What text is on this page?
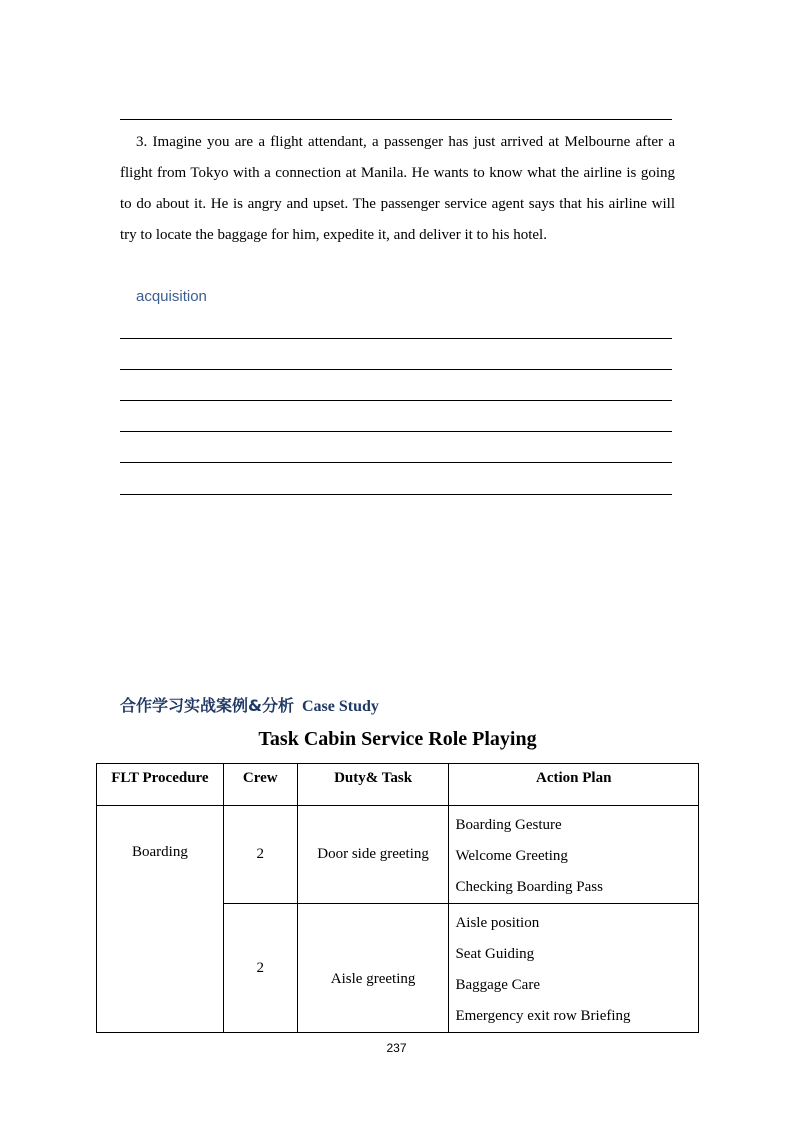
3. Imagine you are a flight attendant, a passenger has just arrived at Melbourne after a flight from Tokyo with a connection at Manila. He wants to know what the airline is going to do about it. He is angry and upset. The passenger service agent says that his airline will try to locate the baggage for him, expedite it, and deliver it to his hotel.
acquisition
合作学习实战案例&分析 Case Study
Task Cabin Service Role Playing
FLT Procedure	Crew	Duty& Task	Action Plan
Boarding	2	Door side greeting	Boarding Gesture
Welcome Greeting
Checking Boarding Pass

	2	Aisle greeting	Aisle position
Seat Guiding
Baggage Care
Emergency exit row Briefing
237
